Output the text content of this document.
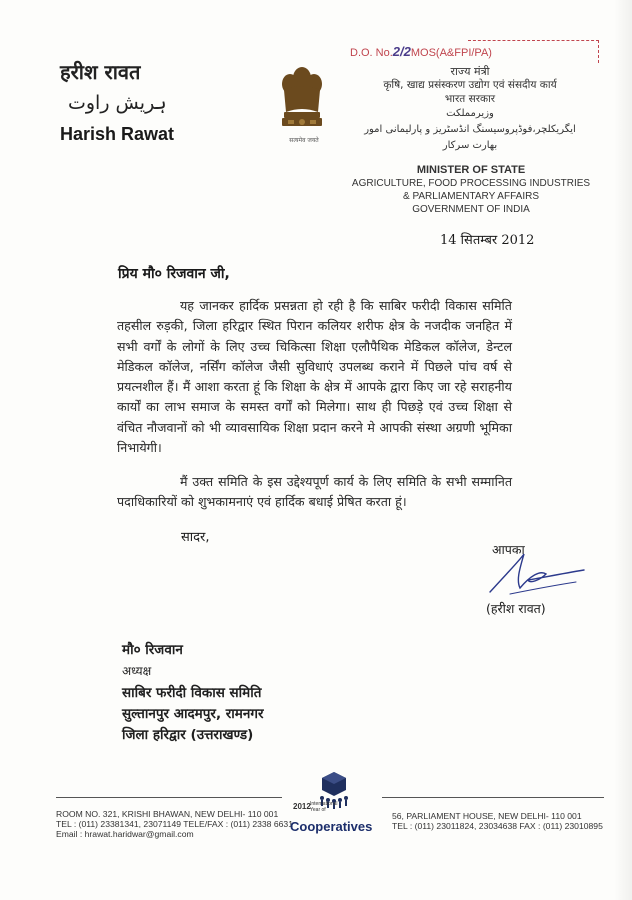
हरीश रावत
ہریش راوت
Harish Rawat	सत्यमेव जयते
D.O. No.2/2MOS(A&FPI/PA)
राज्य मंत्री
कृषि, खाद्य प्रसंस्करण उद्योग एवं संसदीय कार्य
भारत सरकार
وزیرمملکت
ایگریکلچر،فوڈپروسیسنگ انڈسٹریز و پارلیمانی امور
بھارت سرکار
MINISTER OF STATE
AGRICULTURE, FOOD PROCESSING INDUSTRIES
& PARLIAMENTARY AFFAIRS
GOVERNMENT OF INDIA
14 सितम्बर 2012
प्रिय मौ० रिजवान जी,
यह जानकर हार्दिक प्रसन्नता हो रही है कि साबिर फरीदी विकास समिति तहसील रुड़की, जिला हरिद्वार स्थित पिरान कलियर शरीफ क्षेत्र के नजदीक जनहित में सभी वर्गों के लोगों के लिए उच्च चिकित्सा शिक्षा एलौपैथिक मेडिकल कॉलेज, डेन्टल मेडिकल कॉलेज, नर्सिंग कॉलेज जैसी सुविधाएं उपलब्ध कराने में पिछले पांच वर्ष से प्रयत्नशील हैं। मैं आशा करता हूं कि शिक्षा के क्षेत्र में आपके द्वारा किए जा रहे सराहनीय कार्यों का लाभ समाज के समस्त वर्गों को मिलेगा। साथ ही पिछड़े एवं उच्च शिक्षा से वंचित नौजवानों को भी व्यावसायिक शिक्षा प्रदान करने मे आपकी संस्था अग्रणी भूमिका निभायेगी।
मैं उक्त समिति के इस उद्देश्यपूर्ण कार्य के लिए समिति के सभी सम्मानित पदाधिकारियों को शुभकामनाएं एवं हार्दिक बधाई प्रेषित करता हूं।
सादर,
आपका
(हरीश रावत)
मौ० रिजवान
अध्यक्ष
साबिर फरीदी विकास समिति
सुल्तानपुर आदमपुर, रामनगर
जिला हरिद्वार (उत्तराखण्ड)
ROOM NO. 321, KRISHI BHAWAN, NEW DELHI- 110 001
TEL : (011) 23381341, 23071149 TELE/FAX : (011) 2338 6631
Email : hrawat.haridwar@gmail.com
56, PARLIAMENT HOUSE, NEW DELHI- 110 001
TEL : (011) 23011824, 23034638 FAX : (011) 23010895
2012 International Year of
Cooperatives
